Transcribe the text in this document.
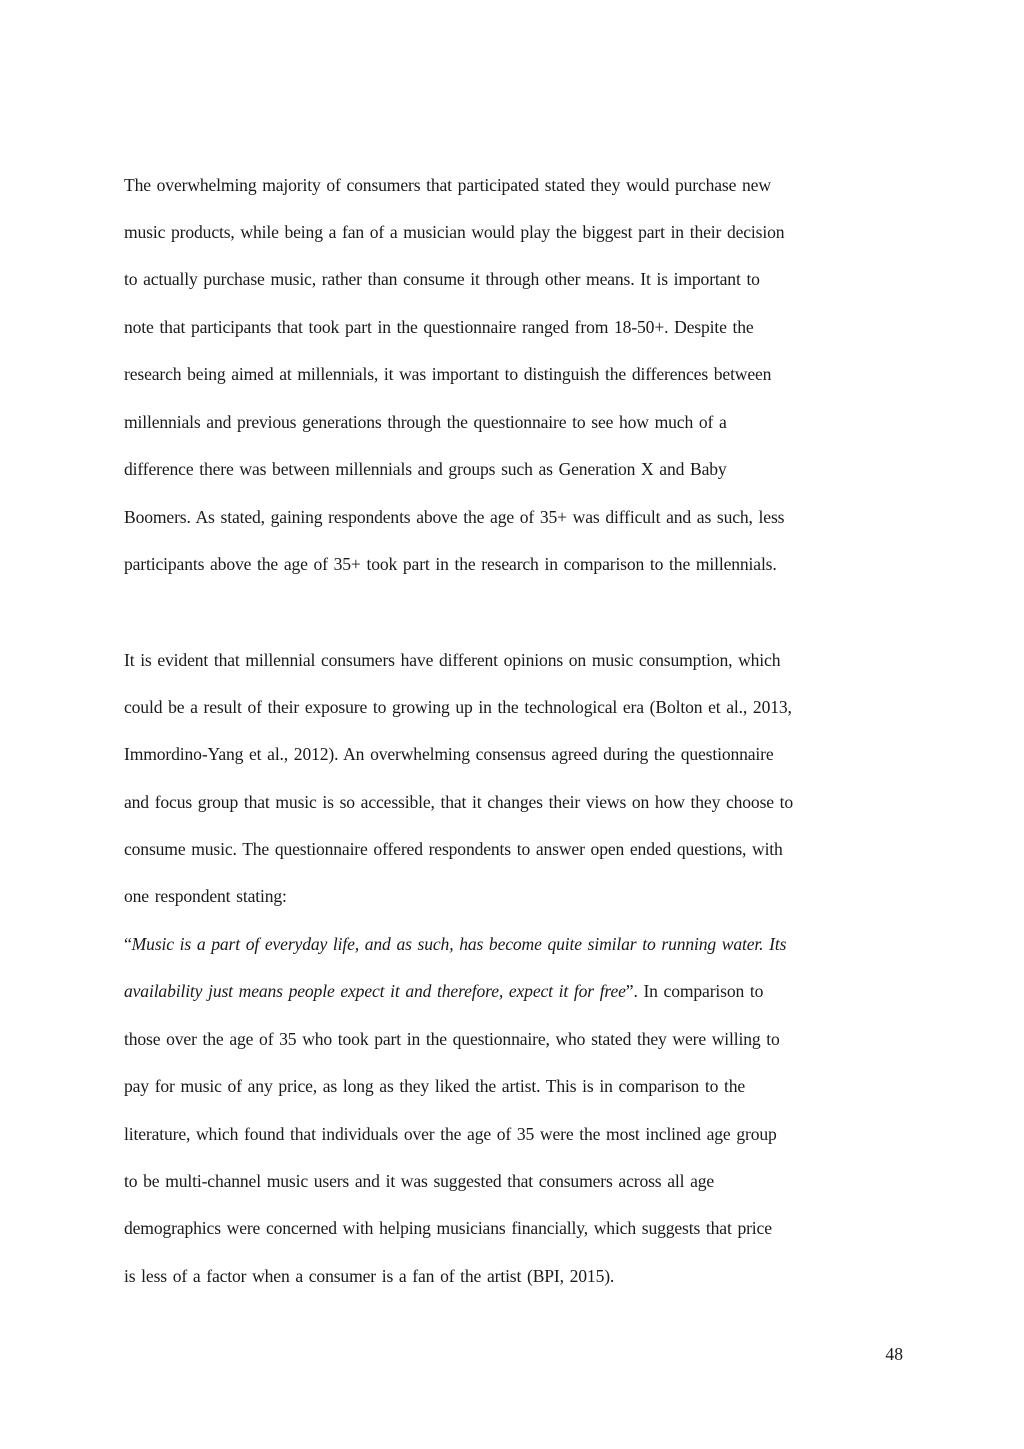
The overwhelming majority of consumers that participated stated they would purchase new
music products, while being a fan of a musician would play the biggest part in their decision
to actually purchase music, rather than consume it through other means. It is important to
note that participants that took part in the questionnaire ranged from 18-50+. Despite the
research being aimed at millennials, it was important to distinguish the differences between
millennials and previous generations through the questionnaire to see how much of a
difference there was between millennials and groups such as Generation X and Baby
Boomers. As stated, gaining respondents above the age of 35+ was difficult and as such, less
participants above the age of 35+ took part in the research in comparison to the millennials.
It is evident that millennial consumers have different opinions on music consumption, which
could be a result of their exposure to growing up in the technological era (Bolton et al., 2013,
Immordino-Yang et al., 2012). An overwhelming consensus agreed during the questionnaire
and focus group that music is so accessible, that it changes their views on how they choose to
consume music. The questionnaire offered respondents to answer open ended questions, with
one respondent stating:
“Music is a part of everyday life, and as such, has become quite similar to running water. Its
availability just means people expect it and therefore, expect it for free”. In comparison to
those over the age of 35 who took part in the questionnaire, who stated they were willing to
pay for music of any price, as long as they liked the artist. This is in comparison to the
literature, which found that individuals over the age of 35 were the most inclined age group
to be multi-channel music users and it was suggested that consumers across all age
demographics were concerned with helping musicians financially, which suggests that price
is less of a factor when a consumer is a fan of the artist (BPI, 2015).
48
